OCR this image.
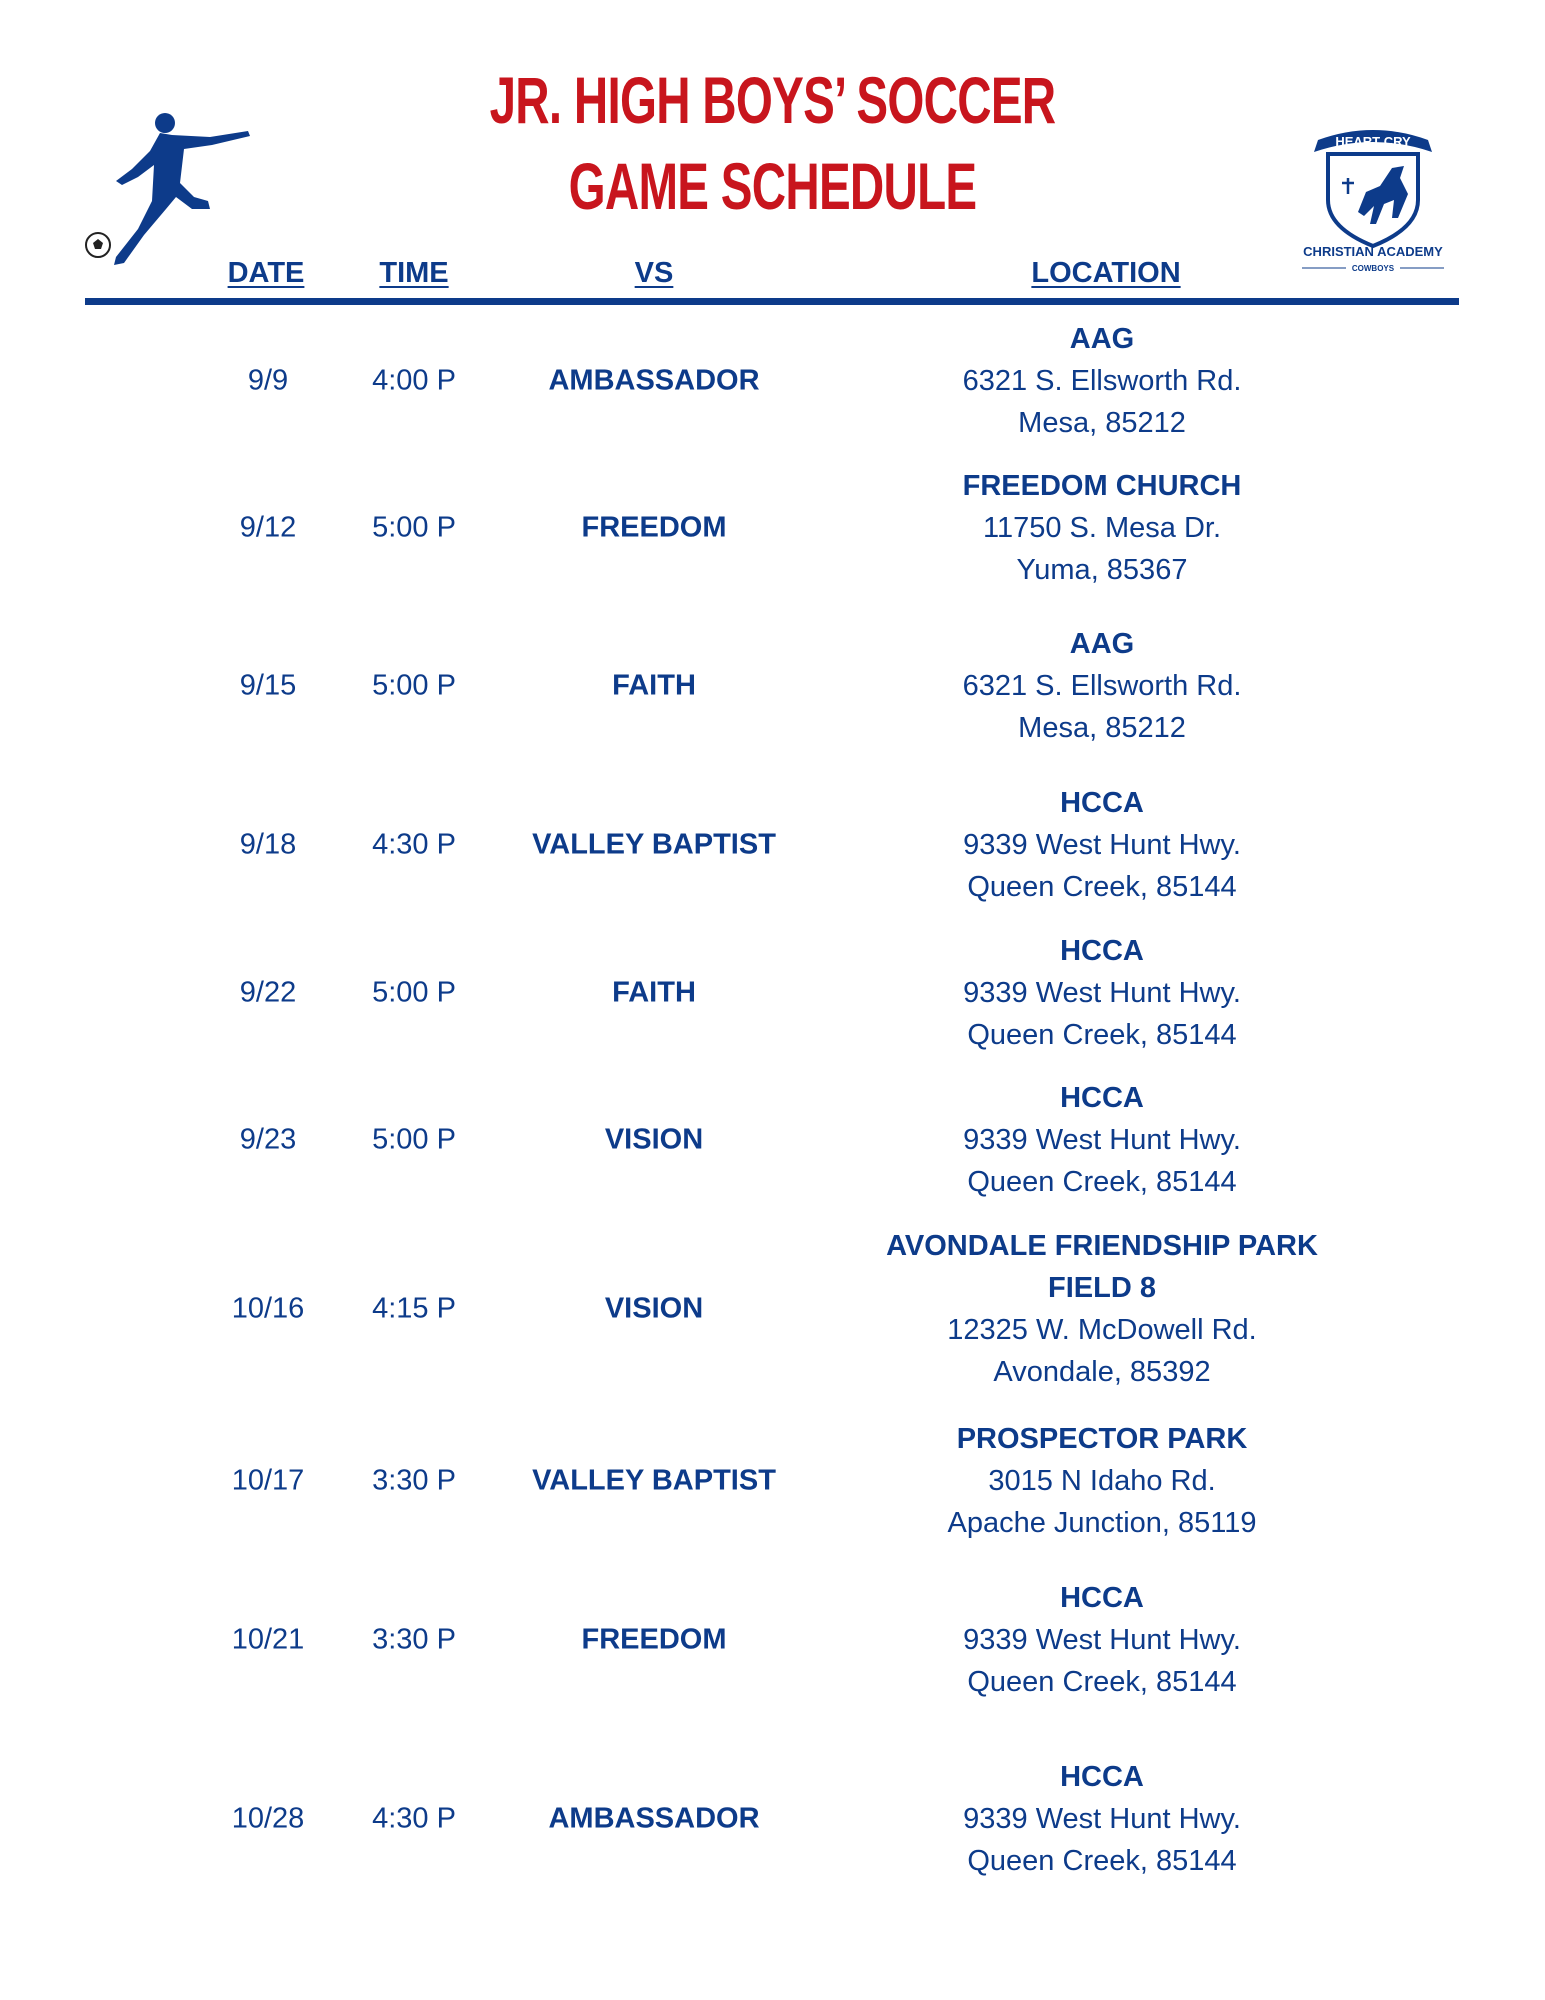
JR. HIGH BOYS’ SOCCER
GAME SCHEDULE
HEART CRY
CHRISTIAN ACADEMY
COWBOYS
DATE	TIME	VS	LOCATION
9/9	4:00 P	AMBASSADOR
AAG
6321 S. Ellsworth Rd.
Mesa, 85212
9/12	5:00 P	FREEDOM
FREEDOM CHURCH
11750 S. Mesa Dr.
Yuma, 85367
9/15	5:00 P	FAITH
AAG
6321 S. Ellsworth Rd.
Mesa, 85212
9/18	4:30 P	VALLEY BAPTIST
HCCA
9339 West Hunt Hwy.
Queen Creek, 85144
9/22	5:00 P	FAITH
HCCA
9339 West Hunt Hwy.
Queen Creek, 85144
9/23	5:00 P	VISION
HCCA
9339 West Hunt Hwy.
Queen Creek, 85144
10/16 4:15 P	VISION
AVONDALE FRIENDSHIP PARK
FIELD 8
12325 W. McDowell Rd.
Avondale, 85392
10/17 3:30 P	VALLEY BAPTIST
PROSPECTOR PARK
3015 N Idaho Rd.
Apache Junction, 85119
10/21 3:30 P	FREEDOM
HCCA
9339 West Hunt Hwy.
Queen Creek, 85144
10/28 4:30 P	AMBASSADOR
HCCA
9339 West Hunt Hwy.
Queen Creek, 85144
